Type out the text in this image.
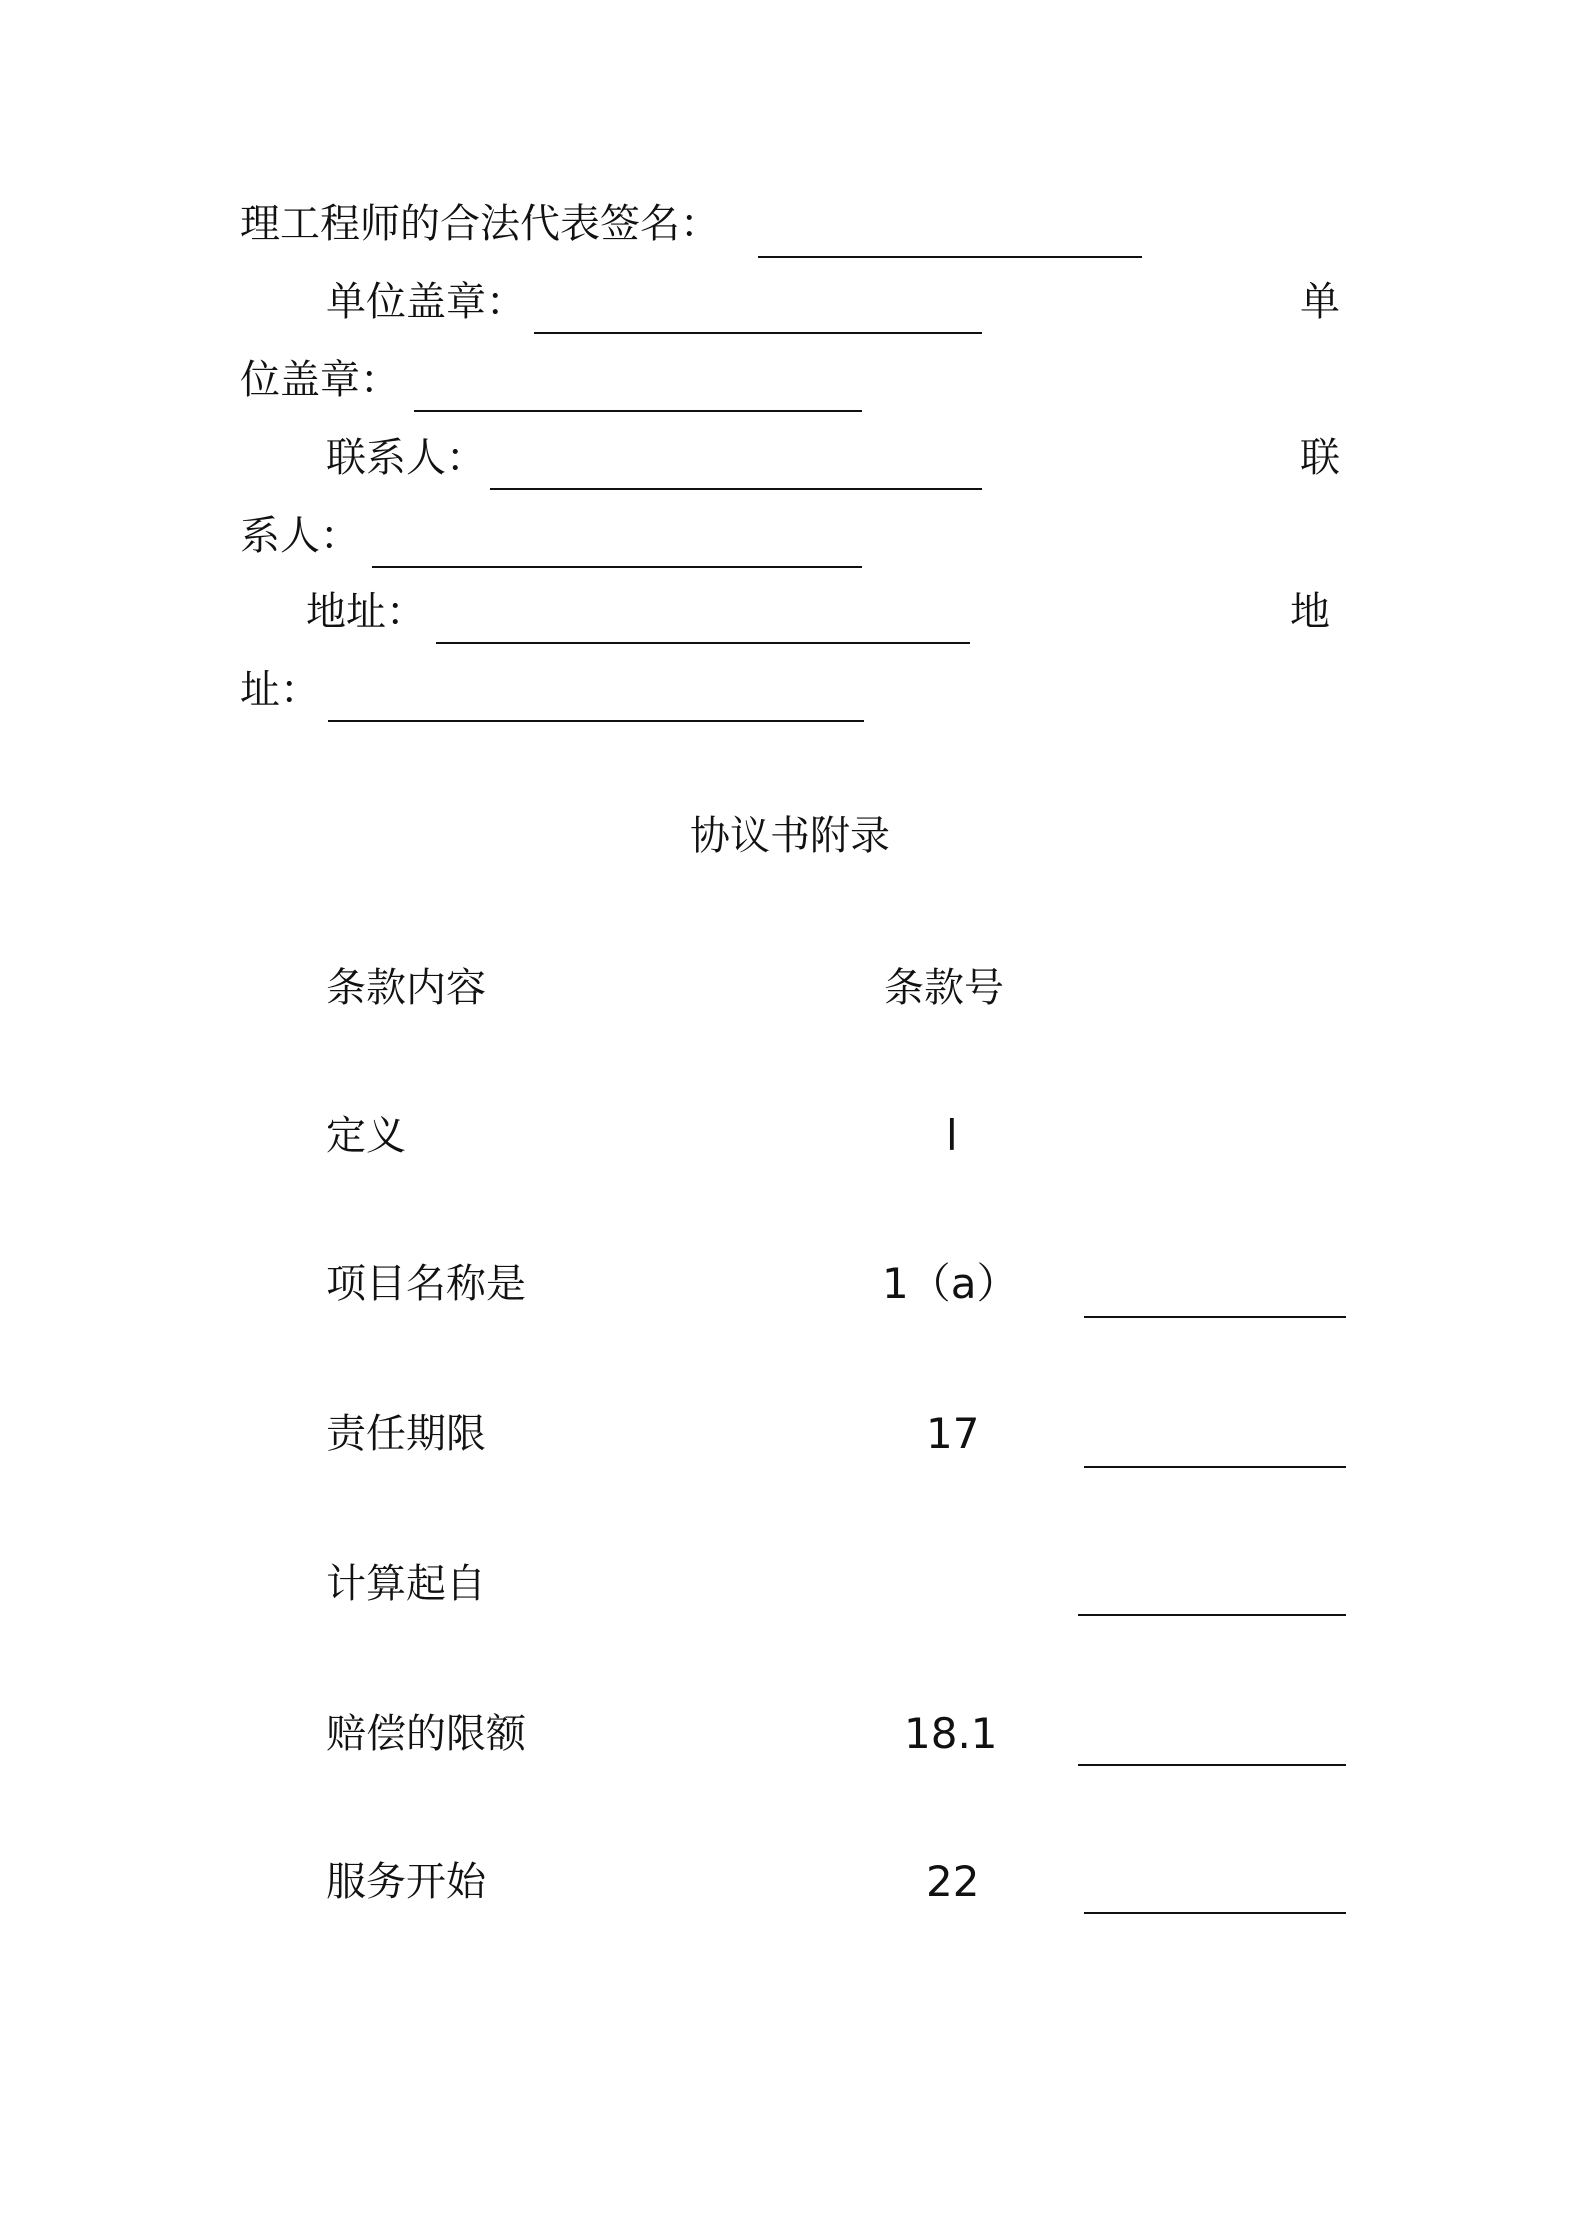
理工程师的合法代表签名：
单位盖章：	单
位盖章：
联系人：	联
系人：
地址：	地
址：
协议书附录
条款内容	条款号
定义	l
项目名称是	1（a）
责任期限	17
计算起自
赔偿的限额	18.1
服务开始	22
